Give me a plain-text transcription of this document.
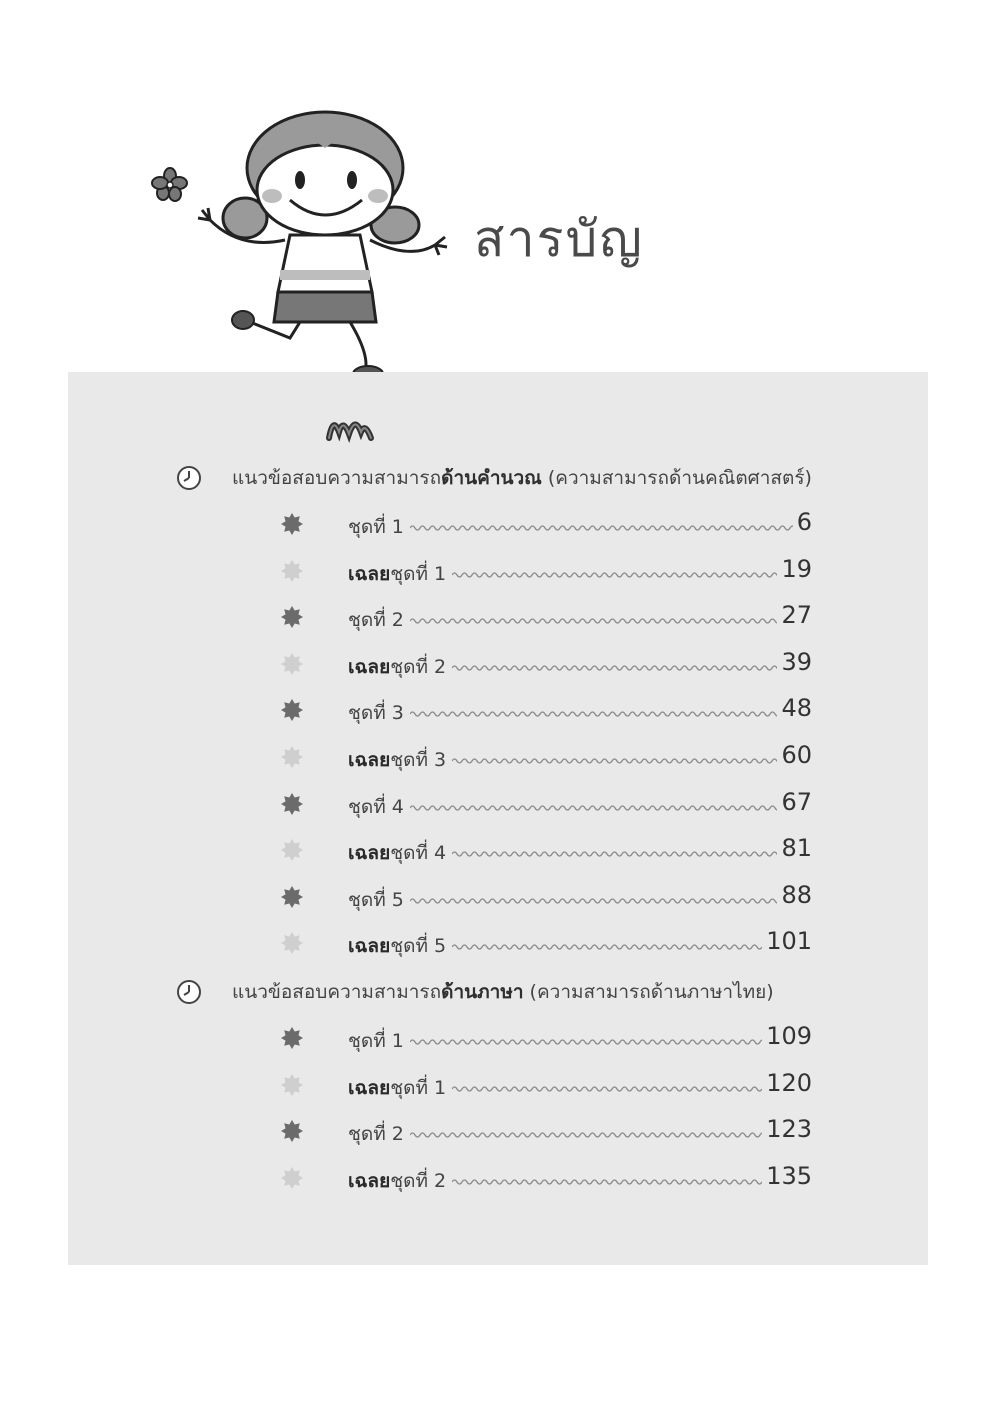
สารบัญ
แนวข้อสอบความสามารถด้านคำนวณ (ความสามารถด้านคณิตศาสตร์)
ชุดที่ 1	6
เฉลยชุดที่ 1	19
ชุดที่ 2	27
เฉลยชุดที่ 2	39
ชุดที่ 3	48
เฉลยชุดที่ 3	60
ชุดที่ 4	67
เฉลยชุดที่ 4	81
ชุดที่ 5	88
เฉลยชุดที่ 5	101
แนวข้อสอบความสามารถด้านภาษา (ความสามารถด้านภาษาไทย)
ชุดที่ 1	109
เฉลยชุดที่ 1	120
ชุดที่ 2	123
เฉลยชุดที่ 2	135
